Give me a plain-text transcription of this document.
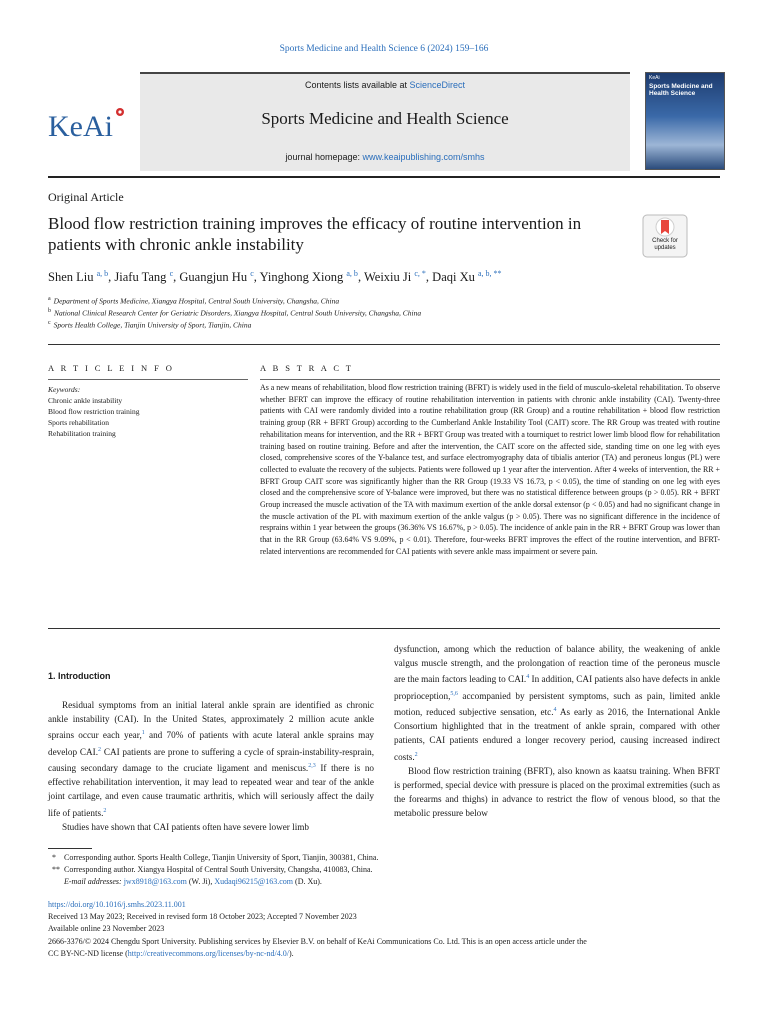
Sports Medicine and Health Science 6 (2024) 159–166
Contents lists available at ScienceDirect
Sports Medicine and Health Science
journal homepage: www.keaipublishing.com/smhs
KeAi
KeAi
Sports Medicine and Health Science
Original Article
Blood flow restriction training improves the efficacy of routine intervention in patients with chronic ankle instability	Check for updates
Shen Liu $^{a, b}$, Jiafu Tang $^c$, Guangjun Hu $^c$, Yinghong Xiong $^{a, b}$, Weixiu Ji $^{c, *}$, Daqi Xu $^{a, b, **}$
$^a$ Department of Sports Medicine, Xiangya Hospital, Central South University, Changsha, China
$^b$ National Clinical Research Center for Geriatric Disorders, Xiangya Hospital, Central South University, Changsha, China
$^c$ Sports Health College, Tianjin University of Sport, Tianjin, China
A R T I C L E I N F O
Keywords:
Chronic ankle instability
Blood flow restriction training
Sports rehabilitation
Rehabilitation training
A B S T R A C T
As a new means of rehabilitation, blood flow restriction training (BFRT) is widely used in the field of musculo-skeletal rehabilitation. To observe whether BFRT can improve the efficacy of routine rehabilitation intervention in patients with chronic ankle instability (CAI). Twenty-three patients with CAI were randomly divided into a routine rehabilitation group (RR Group) and a routine rehabilitation + blood flow restriction training group (RR + BFRT Group) according to the Cumberland Ankle Instability Tool (CAIT) score. The RR Group was treated with routine rehabilitation means for intervention, and the RR + BFRT Group was treated with a tourniquet to restrict lower limb blood flow for rehabilitation training based on routine training. Before and after the intervention, the CAIT score on the affected side, standing time on one leg with eyes closed, comprehensive scores of the Y-balance test, and surface electromyography data of tibialis anterior (TA) and peroneus longus (PL) were collected to evaluate the recovery of the subjects. Patients were followed up 1 year after the intervention. After 4 weeks of intervention, the RR + BFRT Group CAIT score was significantly higher than the RR Group (19.33 VS 16.73, p < 0.05), the time of standing on one leg with eyes closed and the comprehensive score of Y-balance were improved, but there was no statistical difference between groups (p > 0.05). RR + BFRT Group increased the muscle activation of the TA with maximum exertion of the ankle dorsal extensor (p < 0.05) and had no significant change in the muscle activation of the PL with maximum exertion of the ankle valgus (p > 0.05). There was no significant difference in the incidence of resprains within 1 year between the groups (36.36% VS 16.67%, p > 0.05). The incidence of ankle pain in the RR + BFRT Group was lower than that in the RR Group (63.64% VS 9.09%, p < 0.01). Therefore, four-weeks BFRT improves the effect of the routine intervention, and BFRT-related interventions are recommended for CAI patients with severe ankle mass impairment or severe pain.
1. Introduction

Residual symptoms from an initial lateral ankle sprain are identified as chronic ankle instability (CAI). In the United States, approximately 2 million acute ankle sprains occur each year,$^1$ and 70% of patients with acute lateral ankle sprains may develop CAI.$^2$ CAI patients are prone to suffering a cycle of sprain-instability-resprain, causing secondary damage to the cruciate ligament and meniscus.$^{2,3}$ If there is no effective rehabilitation intervention, it may lead to repeated wear and tear of the ankle joint cartilage, and even cause traumatic arthritis, which will seriously affect the daily life of patients.$^2$

Studies have shown that CAI patients often have severe lower limb

dysfunction, among which the reduction of balance ability, the weakening of ankle valgus muscle strength, and the prolongation of reaction time of the peroneus muscle are the main factors leading to CAI.$^4$ In addition, CAI patients also have defects in ankle proprioception,$^{5,6}$ accompanied by persistent symptoms, such as pain, limited ankle motion, reduced subjective sensation, etc.$^4$ As early as 2016, the International Ankle Consortium highlighted that in the treatment of ankle sprain, compared with other patients, CAI patients endured a longer recovery period, causing increased indirect costs.$^2$

Blood flow restriction training (BFRT), also known as kaatsu training. When BFRT is performed, special device with pressure is placed on the proximal extremities (such as the forearms and thighs) in advance to restrict the flow of venous blood, so that the metabolic pressure below

* Corresponding author. Sports Health College, Tianjin University of Sport, Tianjin, 300381, China.
** Corresponding author. Xiangya Hospital of Central South University, Changsha, 410083, China.
E-mail addresses: jwx8918@163.com (W. Ji), Xudaqi96215@163.com (D. Xu).
https://doi.org/10.1016/j.smhs.2023.11.001
Received 13 May 2023; Received in revised form 18 October 2023; Accepted 7 November 2023
Available online 23 November 2023
2666-3376/© 2024 Chengdu Sport University. Publishing services by Elsevier B.V. on behalf of KeAi Communications Co. Ltd. This is an open access article under the
CC BY-NC-ND license (http://creativecommons.org/licenses/by-nc-nd/4.0/).
